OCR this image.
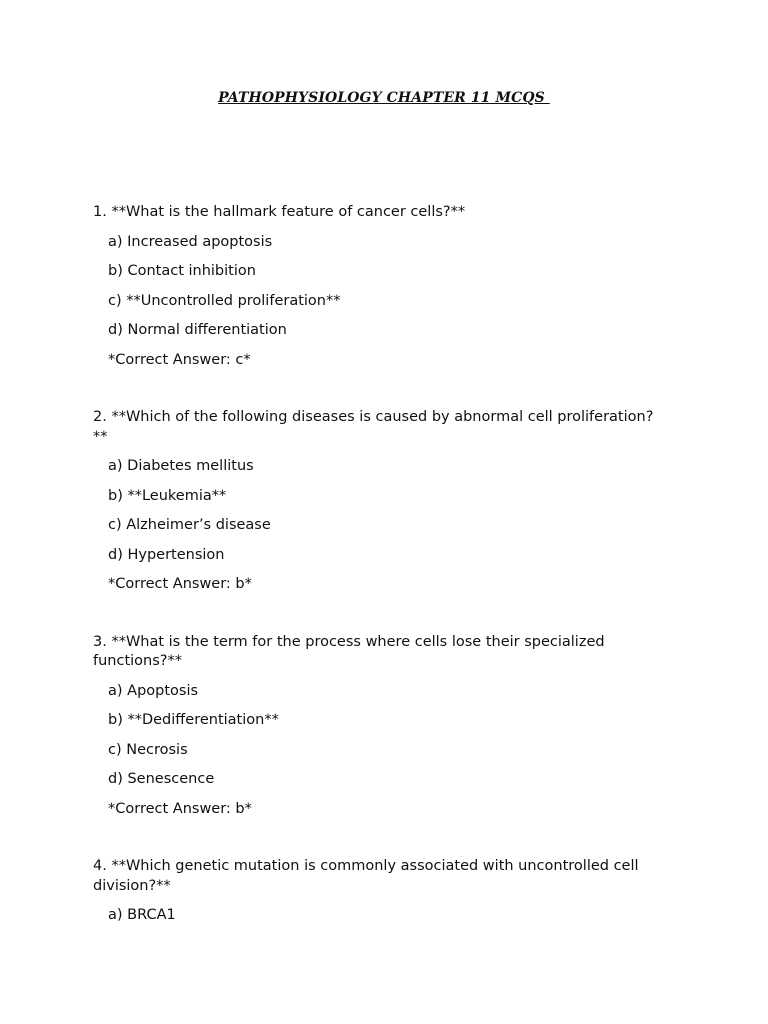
PATHOPHYSIOLOGY CHAPTER 11 MCQS
1. **What is the hallmark feature of cancer cells?**
a) Increased apoptosis
b) Contact inhibition
c) **Uncontrolled proliferation**
d) Normal differentiation
*Correct Answer: c*
2. **Which of the following diseases is caused by abnormal cell proliferation?**
a) Diabetes mellitus
b) **Leukemia**
c) Alzheimer’s disease
d) Hypertension
*Correct Answer: b*
3. **What is the term for the process where cells lose their specialized functions?**
a) Apoptosis
b) **Dedifferentiation**
c) Necrosis
d) Senescence
*Correct Answer: b*
4. **Which genetic mutation is commonly associated with uncontrolled cell division?**
a) BRCA1
